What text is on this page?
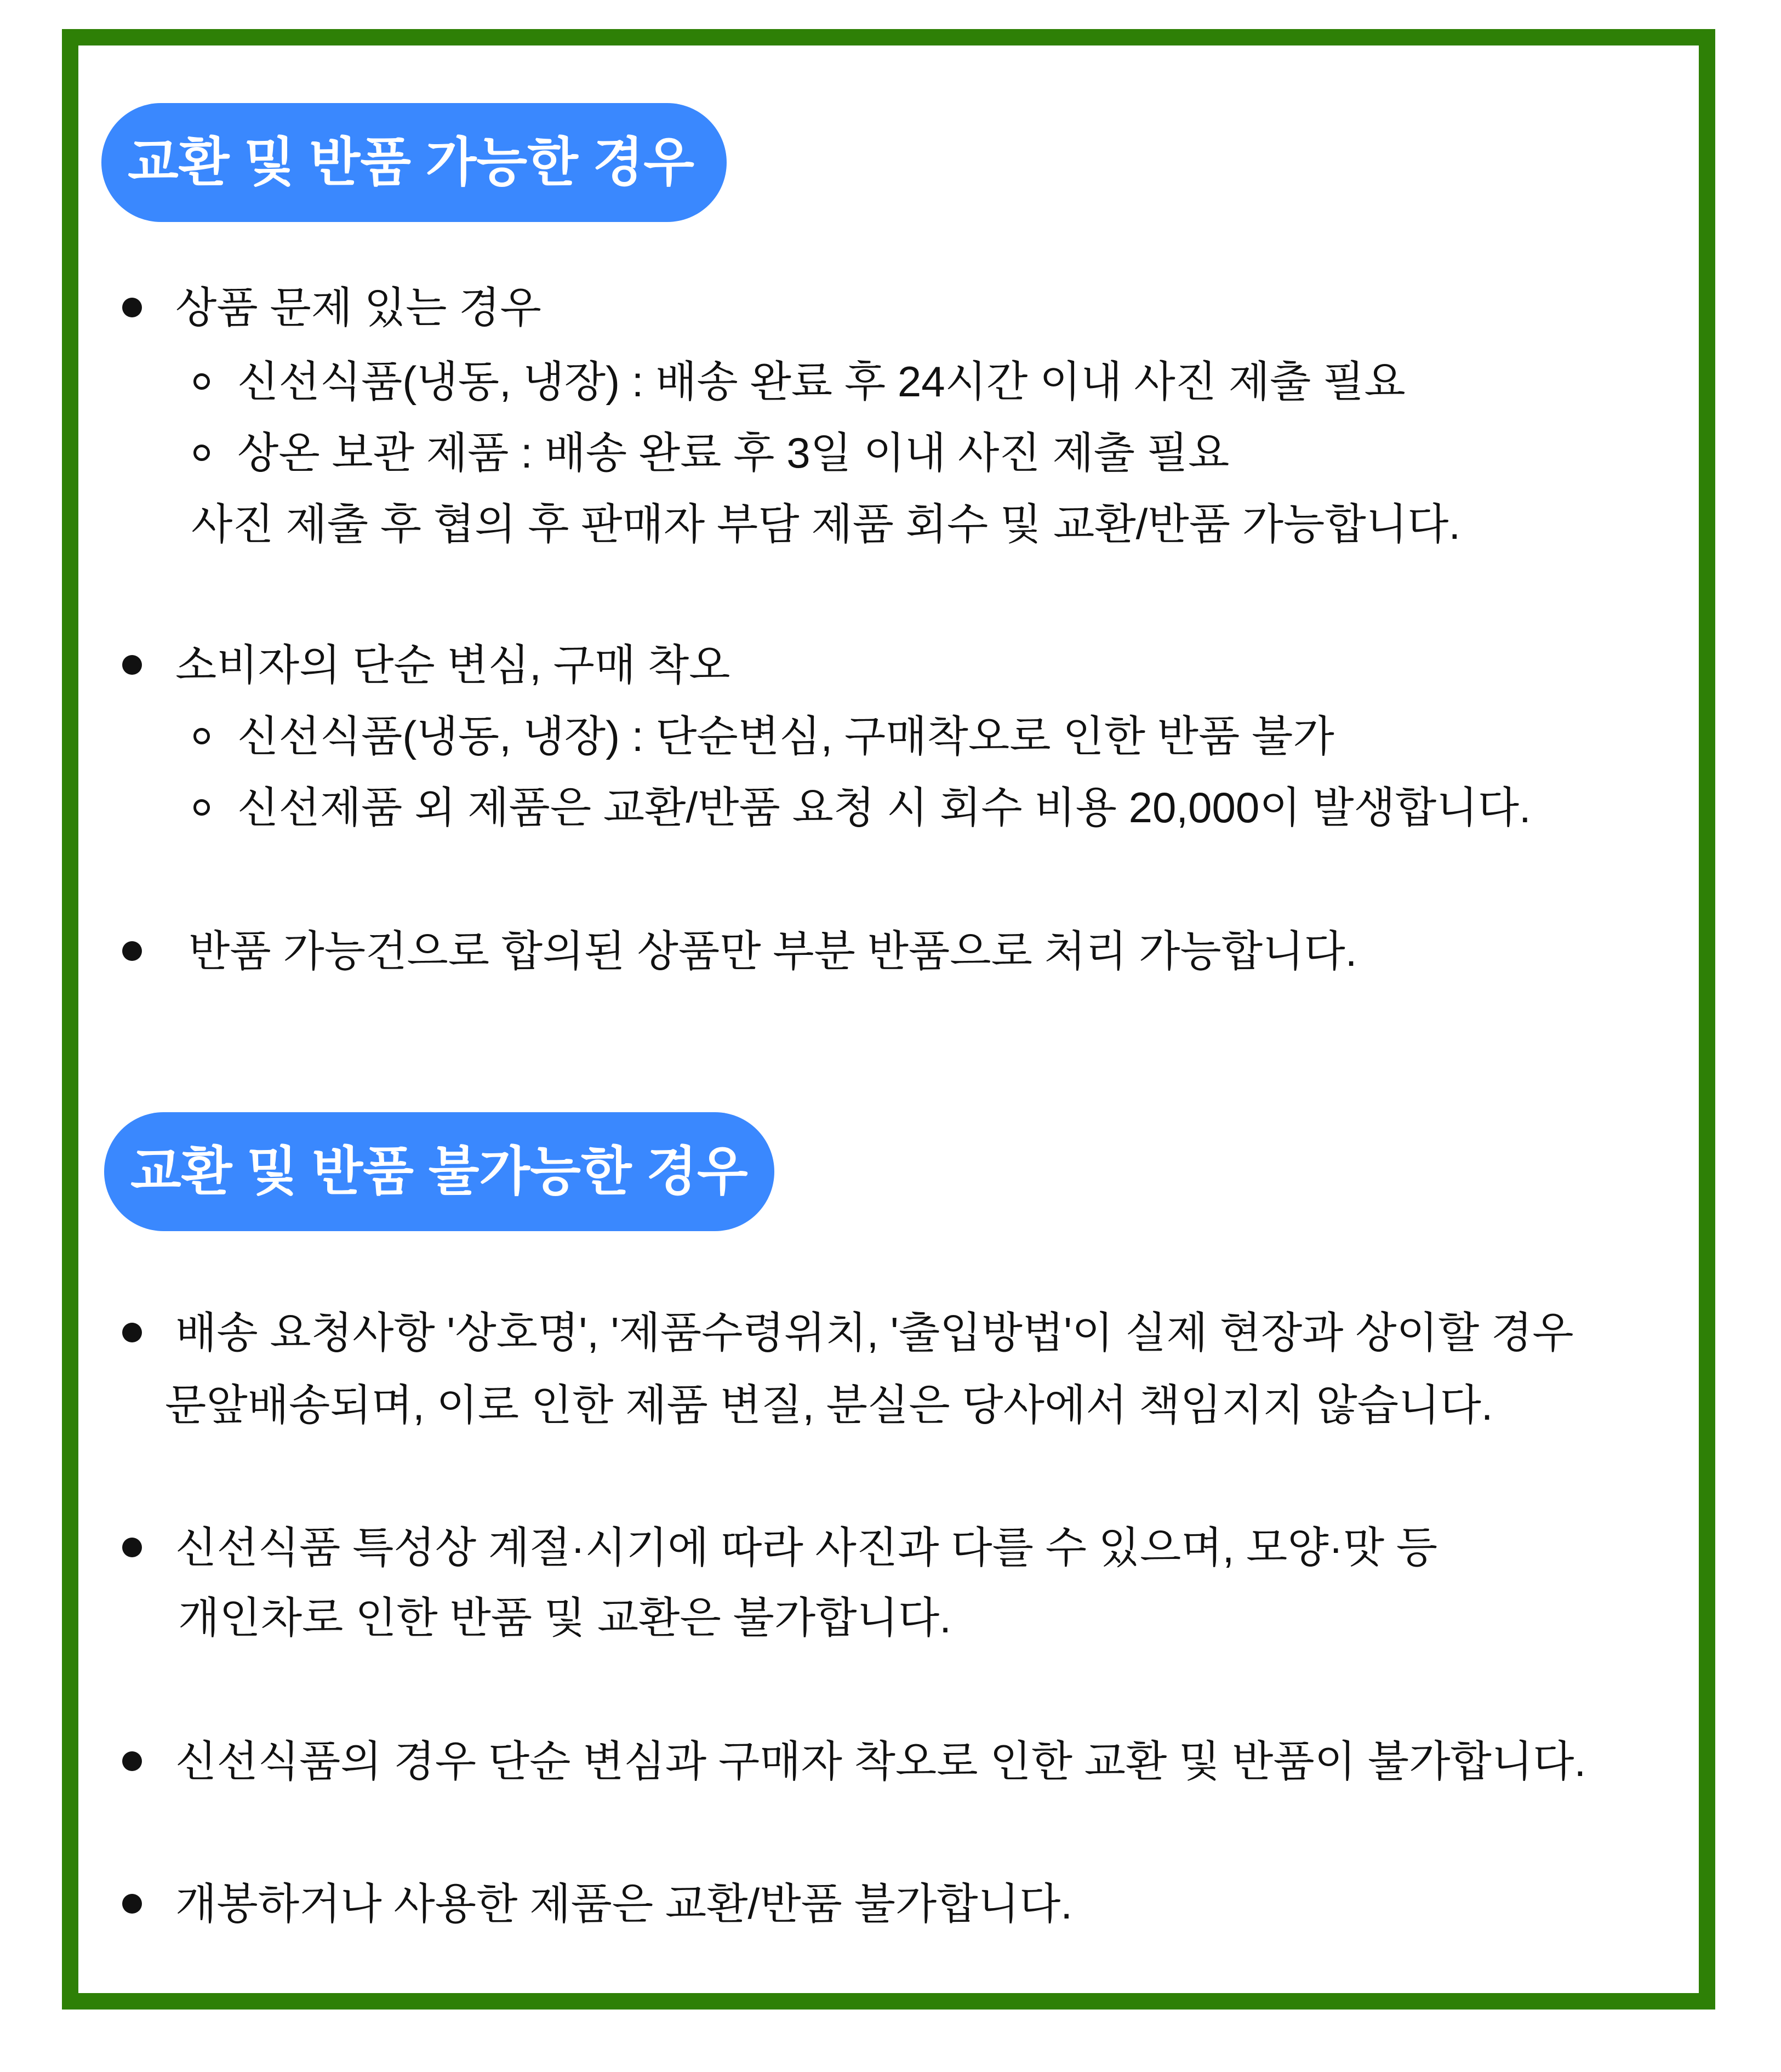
교환 및 반품 가능한 경우
상품 문제 있는 경우
신선식품(냉동, 냉장) : 배송 완료 후 24시간 이내 사진 제출 필요
상온 보관 제품 : 배송 완료 후 3일 이내 사진 제출 필요
사진 제출 후 협의 후 판매자 부담 제품 회수 및 교환/반품 가능합니다.
소비자의 단순 변심, 구매 착오
신선식품(냉동, 냉장) : 단순변심, 구매착오로 인한 반품 불가
신선제품 외 제품은 교환/반품 요청 시 회수 비용 20,000이 발생합니다.
반품 가능건으로 합의된 상품만 부분 반품으로 처리 가능합니다.
교환 및 반품 불가능한 경우
배송 요청사항 '상호명', '제품수령위치, '출입방법'이 실제 현장과 상이할 경우
문앞배송되며, 이로 인한 제품 변질, 분실은 당사에서 책임지지 않습니다.
신선식품 특성상 계절·시기에 따라 사진과 다를 수 있으며, 모양·맛 등
개인차로 인한 반품 및 교환은 불가합니다.
신선식품의 경우 단순 변심과 구매자 착오로 인한 교환 및 반품이 불가합니다.
개봉하거나 사용한 제품은 교환/반품 불가합니다.
